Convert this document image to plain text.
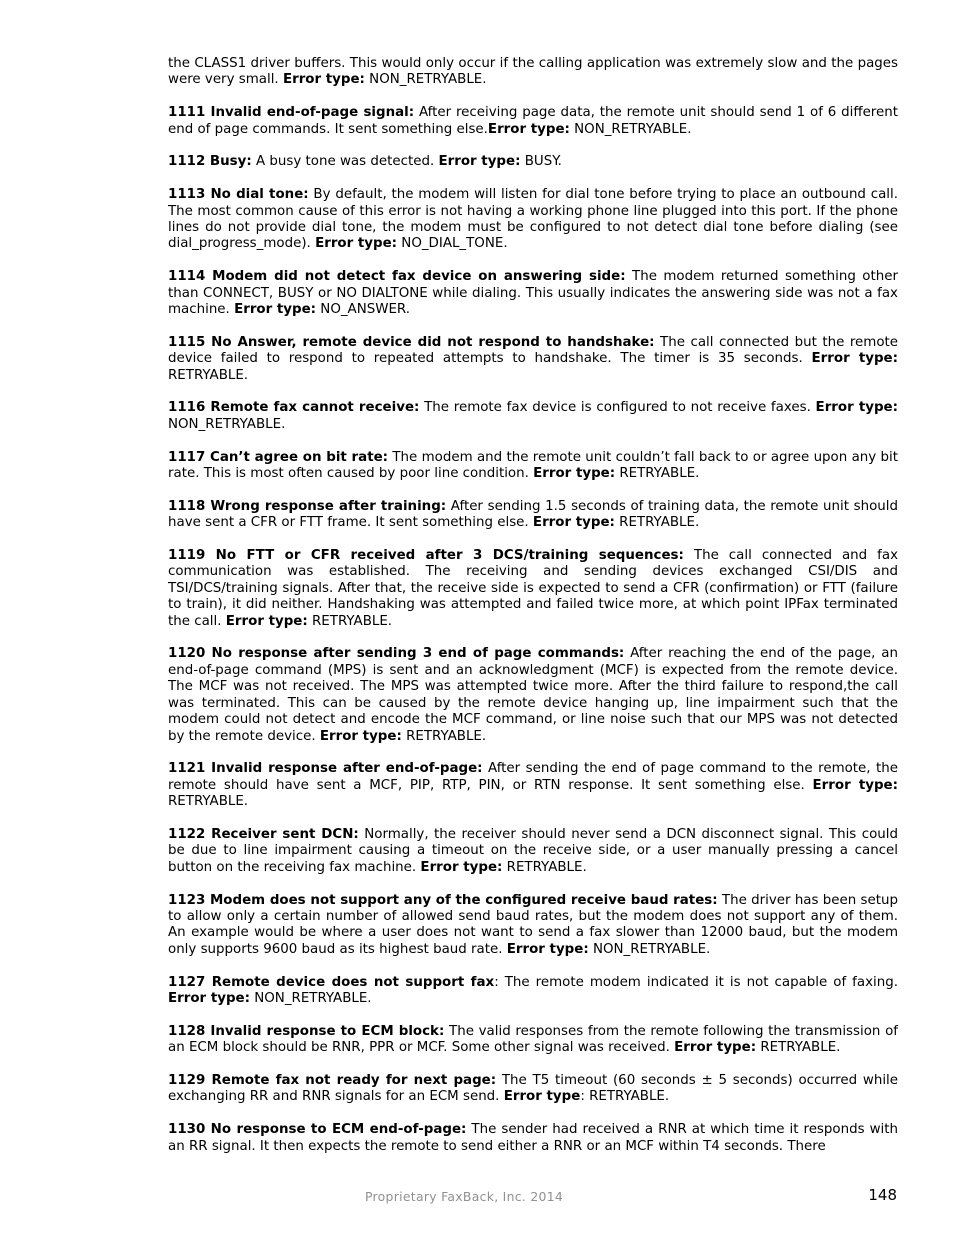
the CLASS1 driver buffers. This would only occur if the calling application was extremely slow and the pages were very small. Error type: NON_RETRYABLE.

1111 Invalid end-of-page signal: After receiving page data, the remote unit should send 1 of 6 different end of page commands. It sent something else.Error type: NON_RETRYABLE.

1112 Busy: A busy tone was detected. Error type: BUSY.

1113 No dial tone: By default, the modem will listen for dial tone before trying to place an outbound call. The most common cause of this error is not having a working phone line plugged into this port. If the phone lines do not provide dial tone, the modem must be configured to not detect dial tone before dialing (see dial_progress_mode). Error type: NO_DIAL_TONE.

1114 Modem did not detect fax device on answering side: The modem returned something other than CONNECT, BUSY or NO DIALTONE while dialing. This usually indicates the answering side was not a fax machine. Error type: NO_ANSWER.

1115 No Answer, remote device did not respond to handshake: The call connected but the remote device failed to respond to repeated attempts to handshake. The timer is 35 seconds. Error type: RETRYABLE.

1116 Remote fax cannot receive: The remote fax device is configured to not receive faxes. Error type: NON_RETRYABLE.

1117 Can’t agree on bit rate: The modem and the remote unit couldn’t fall back to or agree upon any bit rate. This is most often caused by poor line condition. Error type: RETRYABLE.

1118 Wrong response after training: After sending 1.5 seconds of training data, the remote unit should have sent a CFR or FTT frame. It sent something else. Error type: RETRYABLE.

1119 No FTT or CFR received after 3 DCS/training sequences: The call connected and fax communication was established. The receiving and sending devices exchanged CSI/DIS and TSI/DCS/training signals. After that, the receive side is expected to send a CFR (confirmation) or FTT (failure to train), it did neither. Handshaking was attempted and failed twice more, at which point IPFax terminated the call. Error type: RETRYABLE.

1120 No response after sending 3 end of page commands: After reaching the end of the page, an end-of-page command (MPS) is sent and an acknowledgment (MCF) is expected from the remote device. The MCF was not received. The MPS was attempted twice more. After the third failure to respond,the call was terminated. This can be caused by the remote device hanging up, line impairment such that the modem could not detect and encode the MCF command, or line noise such that our MPS was not detected by the remote device. Error type: RETRYABLE.

1121 Invalid response after end-of-page: After sending the end of page command to the remote, the remote should have sent a MCF, PIP, RTP, PIN, or RTN response. It sent something else. Error type: RETRYABLE.

1122 Receiver sent DCN: Normally, the receiver should never send a DCN disconnect signal. This could be due to line impairment causing a timeout on the receive side, or a user manually pressing a cancel button on the receiving fax machine. Error type: RETRYABLE.

1123 Modem does not support any of the configured receive baud rates: The driver has been setup to allow only a certain number of allowed send baud rates, but the modem does not support any of them. An example would be where a user does not want to send a fax slower than 12000 baud, but the modem only supports 9600 baud as its highest baud rate. Error type: NON_RETRYABLE.

1127 Remote device does not support fax: The remote modem indicated it is not capable of faxing. Error type: NON_RETRYABLE.

1128 Invalid response to ECM block: The valid responses from the remote following the transmission of an ECM block should be RNR, PPR or MCF. Some other signal was received. Error type: RETRYABLE.

1129 Remote fax not ready for next page: The T5 timeout (60 seconds ± 5 seconds) occurred while exchanging RR and RNR signals for an ECM send. Error type: RETRYABLE.

1130 No response to ECM end-of-page: The sender had received a RNR at which time it responds with an RR signal. It then expects the remote to send either a RNR or an MCF within T4 seconds. There

Proprietary FaxBack, Inc. 2014	148
